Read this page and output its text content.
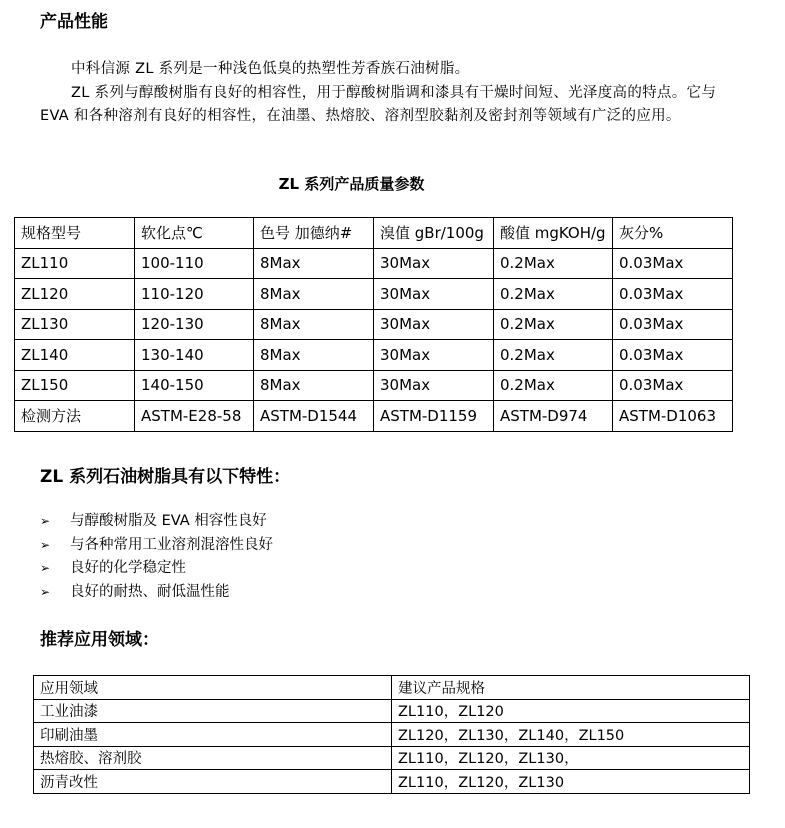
产品性能

中科信源 ZL 系列是一种浅色低臭的热塑性芳香族石油树脂。

ZL 系列与醇酸树脂有良好的相容性，用于醇酸树脂调和漆具有干燥时间短、光泽度高的特点。它与 EVA 和各种溶剂有良好的相容性，在油墨、热熔胶、溶剂型胶黏剂及密封剂等领域有广泛的应用。

ZL 系列产品质量参数
规格型号	软化点℃	色号 加德纳#	溴值 gBr/100g	酸值 mgKOH/g	灰分%
ZL110	100-110	8Max	30Max	0.2Max	0.03Max
ZL120	110-120	8Max	30Max	0.2Max	0.03Max
ZL130	120-130	8Max	30Max	0.2Max	0.03Max
ZL140	130-140	8Max	30Max	0.2Max	0.03Max
ZL150	140-150	8Max	30Max	0.2Max	0.03Max
检测方法	ASTM-E28-58	ASTM-D1544	ASTM-D1159	ASTM-D974	ASTM-D1063
ZL 系列石油树脂具有以下特性：
➢ 与醇酸树脂及 EVA 相容性良好
➢ 与各种常用工业溶剂混溶性良好
➢ 良好的化学稳定性
➢ 良好的耐热、耐低温性能
推荐应用领域：
应用领域	建议产品规格
工业油漆	ZL110，ZL120
印刷油墨	ZL120，ZL130，ZL140，ZL150
热熔胶、溶剂胶	ZL110，ZL120，ZL130，
沥青改性	ZL110，ZL120，ZL130
